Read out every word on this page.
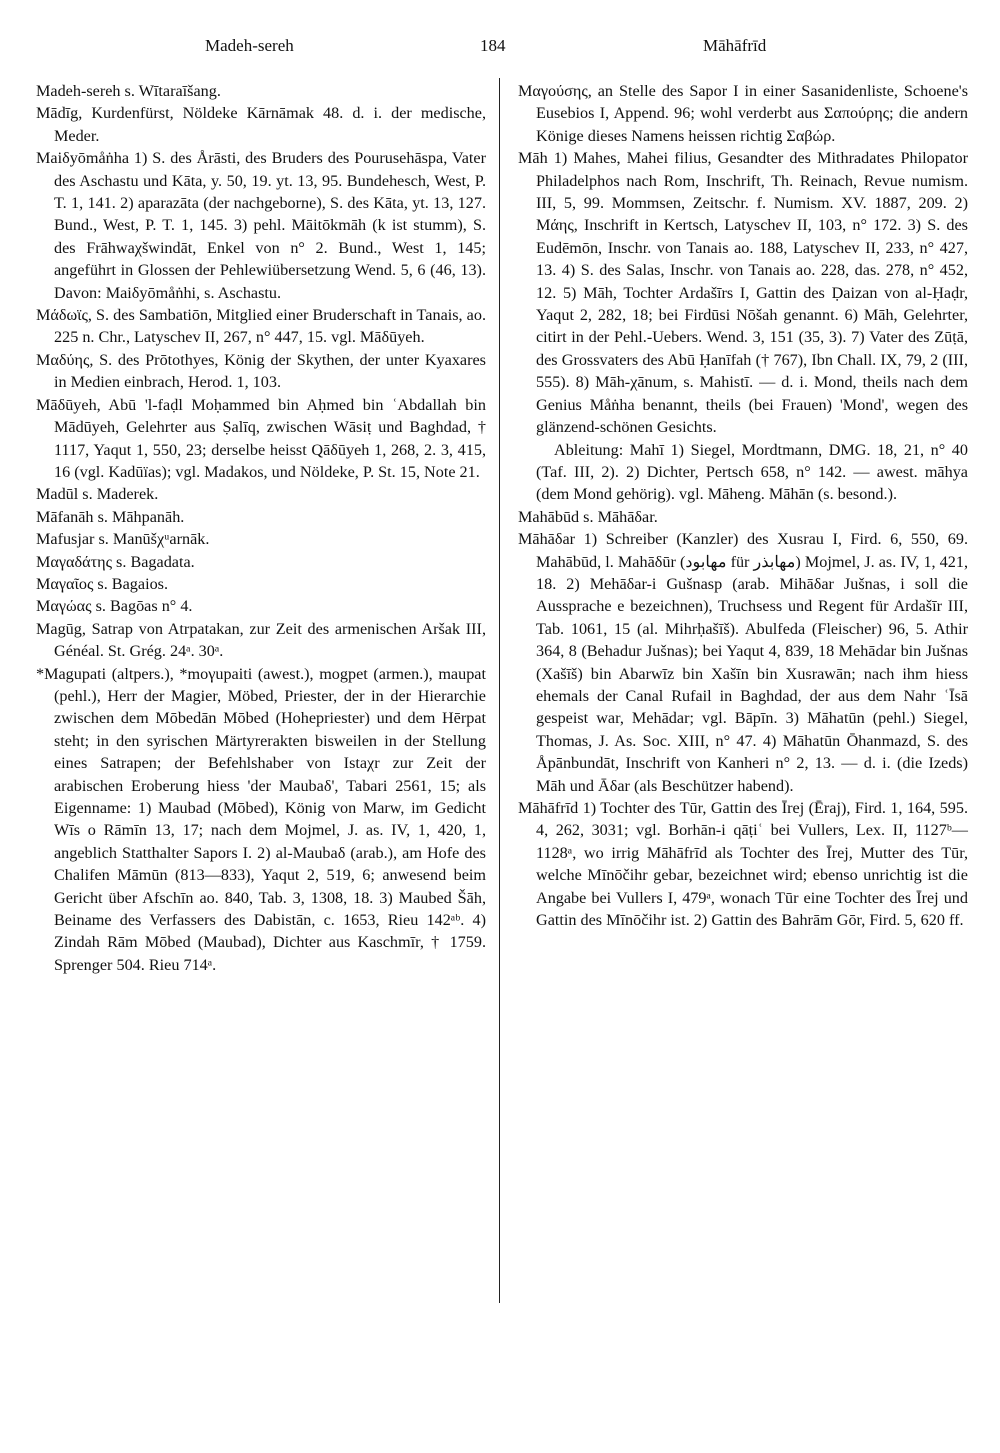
Madeh-sereh	184	Māhāfrīd

Madeh-sereh s. Wītaraīšang.

Mādīg, Kurdenfürst, Nöldeke Kārnāmak 48. d. i. der medische, Meder.

Maiδyōmåṅha 1) S. des Årāsti, des Bruders des Pourusehāspa, Vater des Aschastu und Kāta, y. 50, 19. yt. 13, 95. Bundehesch, West, P. T. 1, 141. 2) aparazāta (der nachgeborne), S. des Kāta, yt. 13, 127. Bund., West, P. T. 1, 145. 3) pehl. Māitōkmāh (k ist stumm), S. des Frāhwaχšwindāt, Enkel von n° 2. Bund., West 1, 145; angeführt in Glossen der Pehlewiübersetzung Wend. 5, 6 (46, 13). Davon: Maiδyōmåṅhi, s. Aschastu.

Μάδωϊς, S. des Sambatiōn, Mitglied einer Bruderschaft in Tanais, ao. 225 n. Chr., Latyschev II, 267, n° 447, 15. vgl. Māδūyeh.

Μαδύης, S. des Prōtothyes, König der Skythen, der unter Kyaxares in Medien einbrach, Herod. 1, 103.

Māδūyeh, Abū 'l-faḍl Moḥammed bin Aḥmed bin ʿAbdallah bin Mādūyeh, Gelehrter aus Ṣalīq, zwischen Wāsiṭ und Baghdad, † 1117, Yaqut 1, 550, 23; derselbe heisst Qāδūyeh 1, 268, 2. 3, 415, 16 (vgl. Kadūïas); vgl. Madakos, und Nöldeke, P. St. 15, Note 21.

Madūl s. Maderek.

Māfanāh s. Māhpanāh.

Mafusjar s. Manūšχᵘarnāk.

Μαγαδάτης s. Bagadata.

Μαγαῖος s. Bagaios.

Μαγώας s. Bagōas n° 4.

Magūg, Satrap von Atrpatakan, zur Zeit des armenischen Aršak III, Généal. St. Grég. 24ᵃ. 30ᵃ.

*Magupati (altpers.), *moγupaiti (awest.), mogpet (armen.), maupat (pehl.), Herr der Magier, Möbed, Priester, der in der Hierarchie zwischen dem Mōbedān Mōbed (Hohepriester) und dem Hērpat steht; in den syrischen Märtyrerakten bisweilen in der Stellung eines Satrapen; der Befehlshaber von Istaχr zur Zeit der arabischen Eroberung hiess 'der Maubaδ', Tabari 2561, 15; als Eigenname: 1) Maubad (Mōbed), König von Marw, im Gedicht Wīs o Rāmīn 13, 17; nach dem Mojmel, J. as. IV, 1, 420, 1, angeblich Statthalter Sapors I. 2) al-Maubaδ (arab.), am Hofe des Chalifen Māmūn (813—833), Yaqut 2, 519, 6; anwesend beim Gericht über Afschīn ao. 840, Tab. 3, 1308, 18. 3) Maubed Šāh, Beiname des Verfassers des Dabistān, c. 1653, Rieu 142ᵃᵇ. 4) Zindah Rām Mōbed (Maubad), Dichter aus Kaschmīr, † 1759. Sprenger 504. Rieu 714ᵃ.

Μαγούσης, an Stelle des Sapor I in einer Sasanidenliste, Schoene's Eusebios I, Append. 96; wohl verderbt aus Σαπούρης; die andern Könige dieses Namens heissen richtig Σαβώρ.

Māh 1) Mahes, Mahei filius, Gesandter des Mithradates Philopator Philadelphos nach Rom, Inschrift, Th. Reinach, Revue numism. III, 5, 99. Mommsen, Zeitschr. f. Numism. XV. 1887, 209. 2) Μάης, Inschrift in Kertsch, Latyschev II, 103, n° 172. 3) S. des Eudēmōn, Inschr. von Tanais ao. 188, Latyschev II, 233, n° 427, 13. 4) S. des Salas, Inschr. von Tanais ao. 228, das. 278, n° 452, 12. 5) Māh, Tochter Ardašīrs I, Gattin des Ḍaizan von al-Ḥaḍr, Yaqut 2, 282, 18; bei Firdūsi Nōšah genannt. 6) Māh, Gelehrter, citirt in der Pehl.-Uebers. Wend. 3, 151 (35, 3). 7) Vater des Zūṭā, des Grossvaters des Abū Ḥanīfah († 767), Ibn Chall. IX, 79, 2 (III, 555). 8) Māh-χānum, s. Mahistī. — d. i. Mond, theils nach dem Genius Måṅha benannt, theils (bei Frauen) 'Mond', wegen des glänzend-schönen Gesichts.

Ableitung: Mahī 1) Siegel, Mordtmann, DMG. 18, 21, n° 40 (Taf. III, 2). 2) Dichter, Pertsch 658, n° 142. — awest. māhya (dem Mond gehörig). vgl. Māheng. Māhān (s. besond.).

Mahābūd s. Māhāδar.

Māhāδar 1) Schreiber (Kanzler) des Xusrau I, Fird. 6, 550, 69. Mahābūd, l. Mahāδūr (مهابود für مهابذر) Mojmel, J. as. IV, 1, 421, 18. 2) Mehāδar-i Gušnasp (arab. Mihāδar Jušnas, i soll die Aussprache e bezeichnen), Truchsess und Regent für Ardašīr III, Tab. 1061, 15 (al. Mihrḥašīš). Abulfeda (Fleischer) 96, 5. Athir 364, 8 (Behadur Jušnas); bei Yaqut 4, 839, 18 Mehādar bin Jušnas (Xašīš) bin Abarwīz bin Xašīn bin Xusrawān; nach ihm hiess ehemals der Canal Rufail in Baghdad, der aus dem Nahr ʿĪsā gespeist war, Mehādar; vgl. Bāpīn. 3) Māhatūn (pehl.) Siegel, Thomas, J. As. Soc. XIII, n° 47. 4) Māhatūn Ōhanmazd, S. des Åpānbundāt, Inschrift von Kanheri n° 2, 13. — d. i. (die Izeds) Māh und Āδar (als Beschützer habend).

Māhāfrīd 1) Tochter des Tūr, Gattin des Īrej (Ēraj), Fird. 1, 164, 595. 4, 262, 3031; vgl. Borhān-i qāṭiʿ bei Vullers, Lex. II, 1127ᵇ—1128ᵃ, wo irrig Māhāfrīd als Tochter des Īrej, Mutter des Tūr, welche Mīnōčihr gebar, bezeichnet wird; ebenso unrichtig ist die Angabe bei Vullers I, 479ᵃ, wonach Tūr eine Tochter des Īrej und Gattin des Mīnōčihr ist. 2) Gattin des Bahrām Gōr, Fird. 5, 620 ff.
